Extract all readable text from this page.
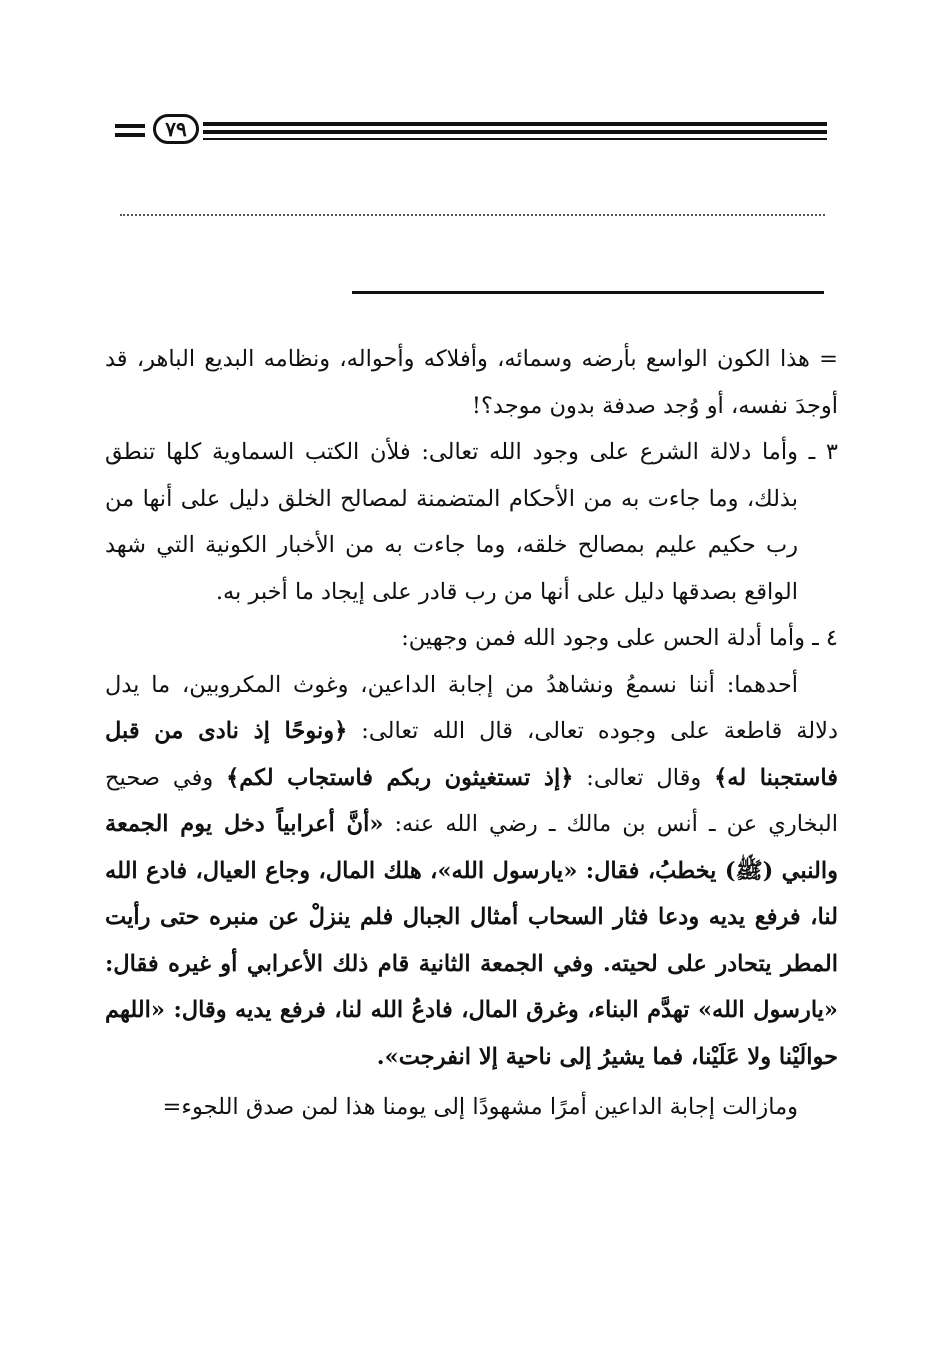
٧٩

= هذا الكون الواسع بأرضه وسمائه، وأفلاكه وأحواله، ونظامه البديع الباهر، قد أوجدَ نفسه، أو وُجد صدفة بدون موجد؟!

٣ ـ وأما دلالة الشرع على وجود الله تعالى: فلأن الكتب السماوية كلها تنطق بذلك، وما جاءت به من الأحكام المتضمنة لمصالح الخلق دليل على أنها من رب حكيم عليم بمصالح خلقه، وما جاءت به من الأخبار الكونية التي شهد الواقع بصدقها دليل على أنها من رب قادر على إيجاد ما أخبر به.

٤ ـ وأما أدلة الحس على وجود الله فمن وجهين:

أحدهما: أننا نسمعُ ونشاهدُ من إجابة الداعين، وغوث المكروبين، ما يدل دلالة قاطعة على وجوده تعالى، قال الله تعالى: ﴿ونوحًا إذ نادى من قبل فاستجبنا له﴾ وقال تعالى: ﴿إذ تستغيثون ربكم فاستجاب لكم﴾ وفي صحيح البخاري عن ـ أنس بن مالك ـ رضي الله عنه: «أنَّ أعرابياً دخل يوم الجمعة والنبي (ﷺ) يخطبُ، فقال: «يارسول الله»، هلك المال، وجاع العيال، فادع الله لنا، فرفع يديه ودعا فثار السحاب أمثال الجبال فلم ينزلْ عن منبره حتى رأيت المطر يتحادر على لحيته. وفي الجمعة الثانية قام ذلك الأعرابي أو غيره فقال: «يارسول الله» تهدَّم البناء، وغرق المال، فادعُ الله لنا، فرفع يديه وقال: «اللهم حوالَيْنا ولا عَلَيْنا، فما يشيرُ إلى ناحية إلا انفرجت».

ومازالت إجابة الداعين أمرًا مشهودًا إلى يومنا هذا لمن صدق اللجوء=
